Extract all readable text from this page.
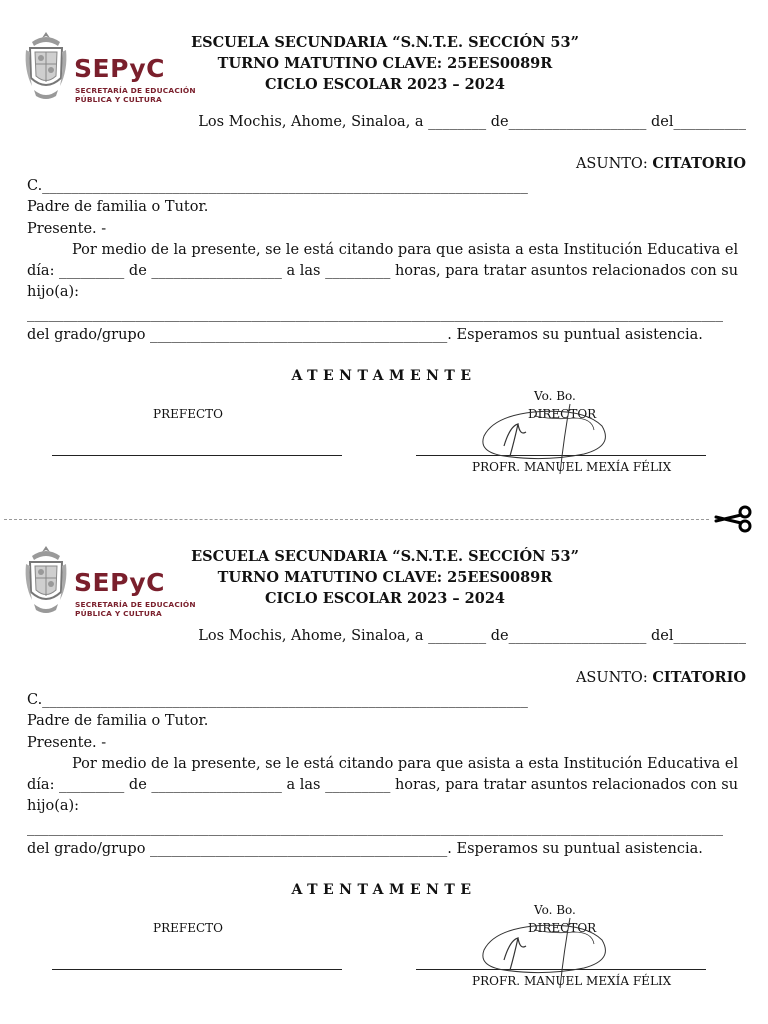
SEPyC
SECRETARÍA DE EDUCACIÓN
PÚBLICA Y CULTURA
ESCUELA SECUNDARIA “S.N.T.E. SECCIÓN 53”
TURNO MATUTINO CLAVE: 25EES0089R
CICLO ESCOLAR 2023 – 2024
Los Mochis, Ahome, Sinaloa, a ________ de___________________ del__________
ASUNTO: CITATORIO

C.___________________________________________________________________

Padre de familia o Tutor.

Presente. -

Por medio de la presente, se le está citando para que asista a esta Institución Educativa el día: _________ de __________________ a las _________ horas, para tratar asuntos relacionados con su hijo(a): ________________________________________________________________________________________________ del grado/grupo _________________________________________. Esperamos su puntual asistencia.

ATENTAMENTE
PREFECTO
Vo. Bo.
DIRECTOR
PROFR. MANUEL MEXÍA FÉLIX
SEPyC
SECRETARÍA DE EDUCACIÓN
PÚBLICA Y CULTURA
ESCUELA SECUNDARIA “S.N.T.E. SECCIÓN 53”
TURNO MATUTINO CLAVE: 25EES0089R
CICLO ESCOLAR 2023 – 2024
Los Mochis, Ahome, Sinaloa, a ________ de___________________ del__________
ASUNTO: CITATORIO

C.___________________________________________________________________

Padre de familia o Tutor.

Presente. -

Por medio de la presente, se le está citando para que asista a esta Institución Educativa el día: _________ de __________________ a las _________ horas, para tratar asuntos relacionados con su hijo(a): ________________________________________________________________________________________________ del grado/grupo _________________________________________. Esperamos su puntual asistencia.

ATENTAMENTE
PREFECTO
Vo. Bo.
DIRECTOR
PROFR. MANUEL MEXÍA FÉLIX
